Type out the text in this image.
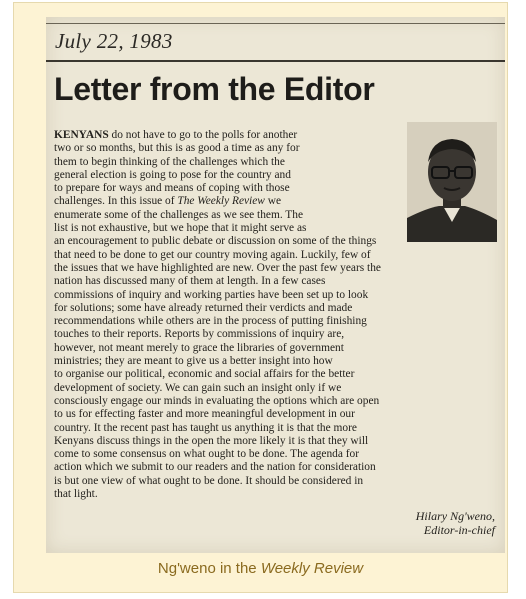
July 22, 1983
Letter from the Editor
KENYANS do not have to go to the polls for another
two or so months, but this is as good a time as any for
them to begin thinking of the challenges which the
general election is going to pose for the country and
to prepare for ways and means of coping with those
challenges. In this issue of The Weekly Review we
enumerate some of the challenges as we see them. The
list is not exhaustive, but we hope that it might serve as
an encouragement to public debate or discussion on some of the things
that need to be done to get our country moving again. Luckily, few of
the issues that we have highlighted are new. Over the past few years the
nation has discussed many of them at length. In a few cases
commissions of inquiry and working parties have been set up to look
for solutions; some have already returned their verdicts and made
recommendations while others are in the process of putting finishing
touches to their reports. Reports by commissions of inquiry are,
however, not meant merely to grace the libraries of government
ministries; they are meant to give us a better insight into how
to organise our political, economic and social affairs for the better
development of society. We can gain such an insight only if we
consciously engage our minds in evaluating the options which are open
to us for effecting faster and more meaningful development in our
country. It the recent past has taught us anything it is that the more
Kenyans discuss things in the open the more likely it is that they will
come to some consensus on what ought to be done. The agenda for
action which we submit to our readers and the nation for consideration
is but one view of what ought to be done. It should be considered in
that light.
Hilary Ng'weno,
Editor-in-chief
Ng'weno in the Weekly Review
